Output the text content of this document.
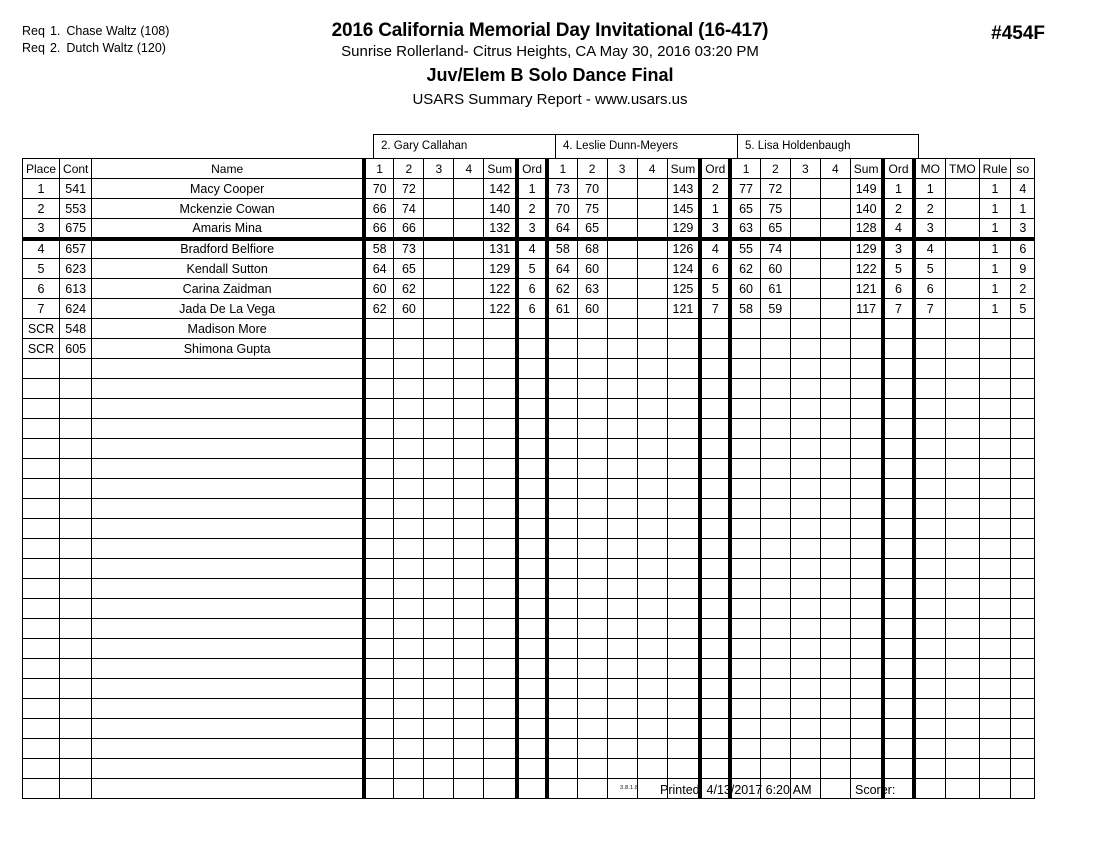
Req 1. Chase Waltz (108)
Req 2. Dutch Waltz (120)
2016 California Memorial Day Invitational (16-417)
Sunrise Rollerland- Citrus Heights, CA May 30, 2016 03:20 PM
Juv/Elem B Solo Dance Final
USARS Summary Report - www.usars.us
#454F
2. Gary Callahan	4. Leslie Dunn-Meyers	5. Lisa Holdenbaugh
Place	Cont	Name	1	2	3	4	Sum	Ord	1	2	3	4	Sum	Ord	1	2	3	4	Sum	Ord	MO	TMO	Rule	so
1	541	Macy Cooper	70	72			142	1	73	70			143	2	77	72			149	1	1		1	4
2	553	Mckenzie Cowan	66	74			140	2	70	75			145	1	65	75			140	2	2		1	1
3	675	Amaris Mina	66	66			132	3	64	65			129	3	63	65			128	4	3		1	3
4	657	Bradford Belfiore	58	73			131	4	58	68			126	4	55	74			129	3	4		1	6
5	623	Kendall Sutton	64	65			129	5	64	60			124	6	62	60			122	5	5		1	9
6	613	Carina Zaidman	60	62			122	6	62	63			125	5	60	61			121	6	6		1	2
7	624	Jada De La Vega	62	60			122	6	61	60			121	7	58	59			117	7	7		1	5
SCR	548	Madison More																						
SCR	605	Shimona Gupta																						

3.8.1.8 Printed: 4/13/2017 6:20 AM	Scorer:
